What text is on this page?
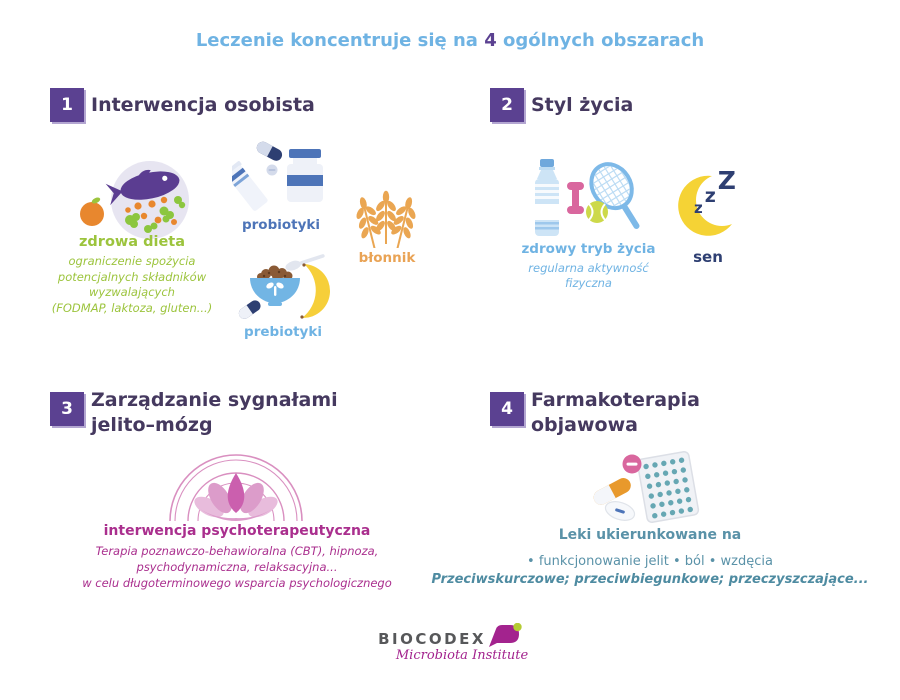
Leczenie koncentruje się na 4 ogólnych obszarach
1 Interwencja osobista
zdrowa dieta
ograniczenie spożycia
potencjalnych składników
wyzwalających
(FODMAP, laktoza, gluten...)
probiotyki
błonnik
prebiotyki
2 Styl życia
zdrowy tryb życia
regularna aktywność
fizyczna
zzZ
sen
3 Zarządzanie sygnałami
jelito–mózg
interwencja psychoterapeutyczna
Terapia poznawczo-behawioralna (CBT), hipnoza,
psychodynamiczna, relaksacyjna...
w celu długoterminowego wsparcia psychologicznego
4 Farmakoterapia
objawowa
Leki ukierunkowane na
• funkcjonowanie jelit • ból • wzdęcia
Przeciwskurczowe; przeciwbiegunkowe; przeczyszczające...
BIOCODEX
Microbiota Institute
